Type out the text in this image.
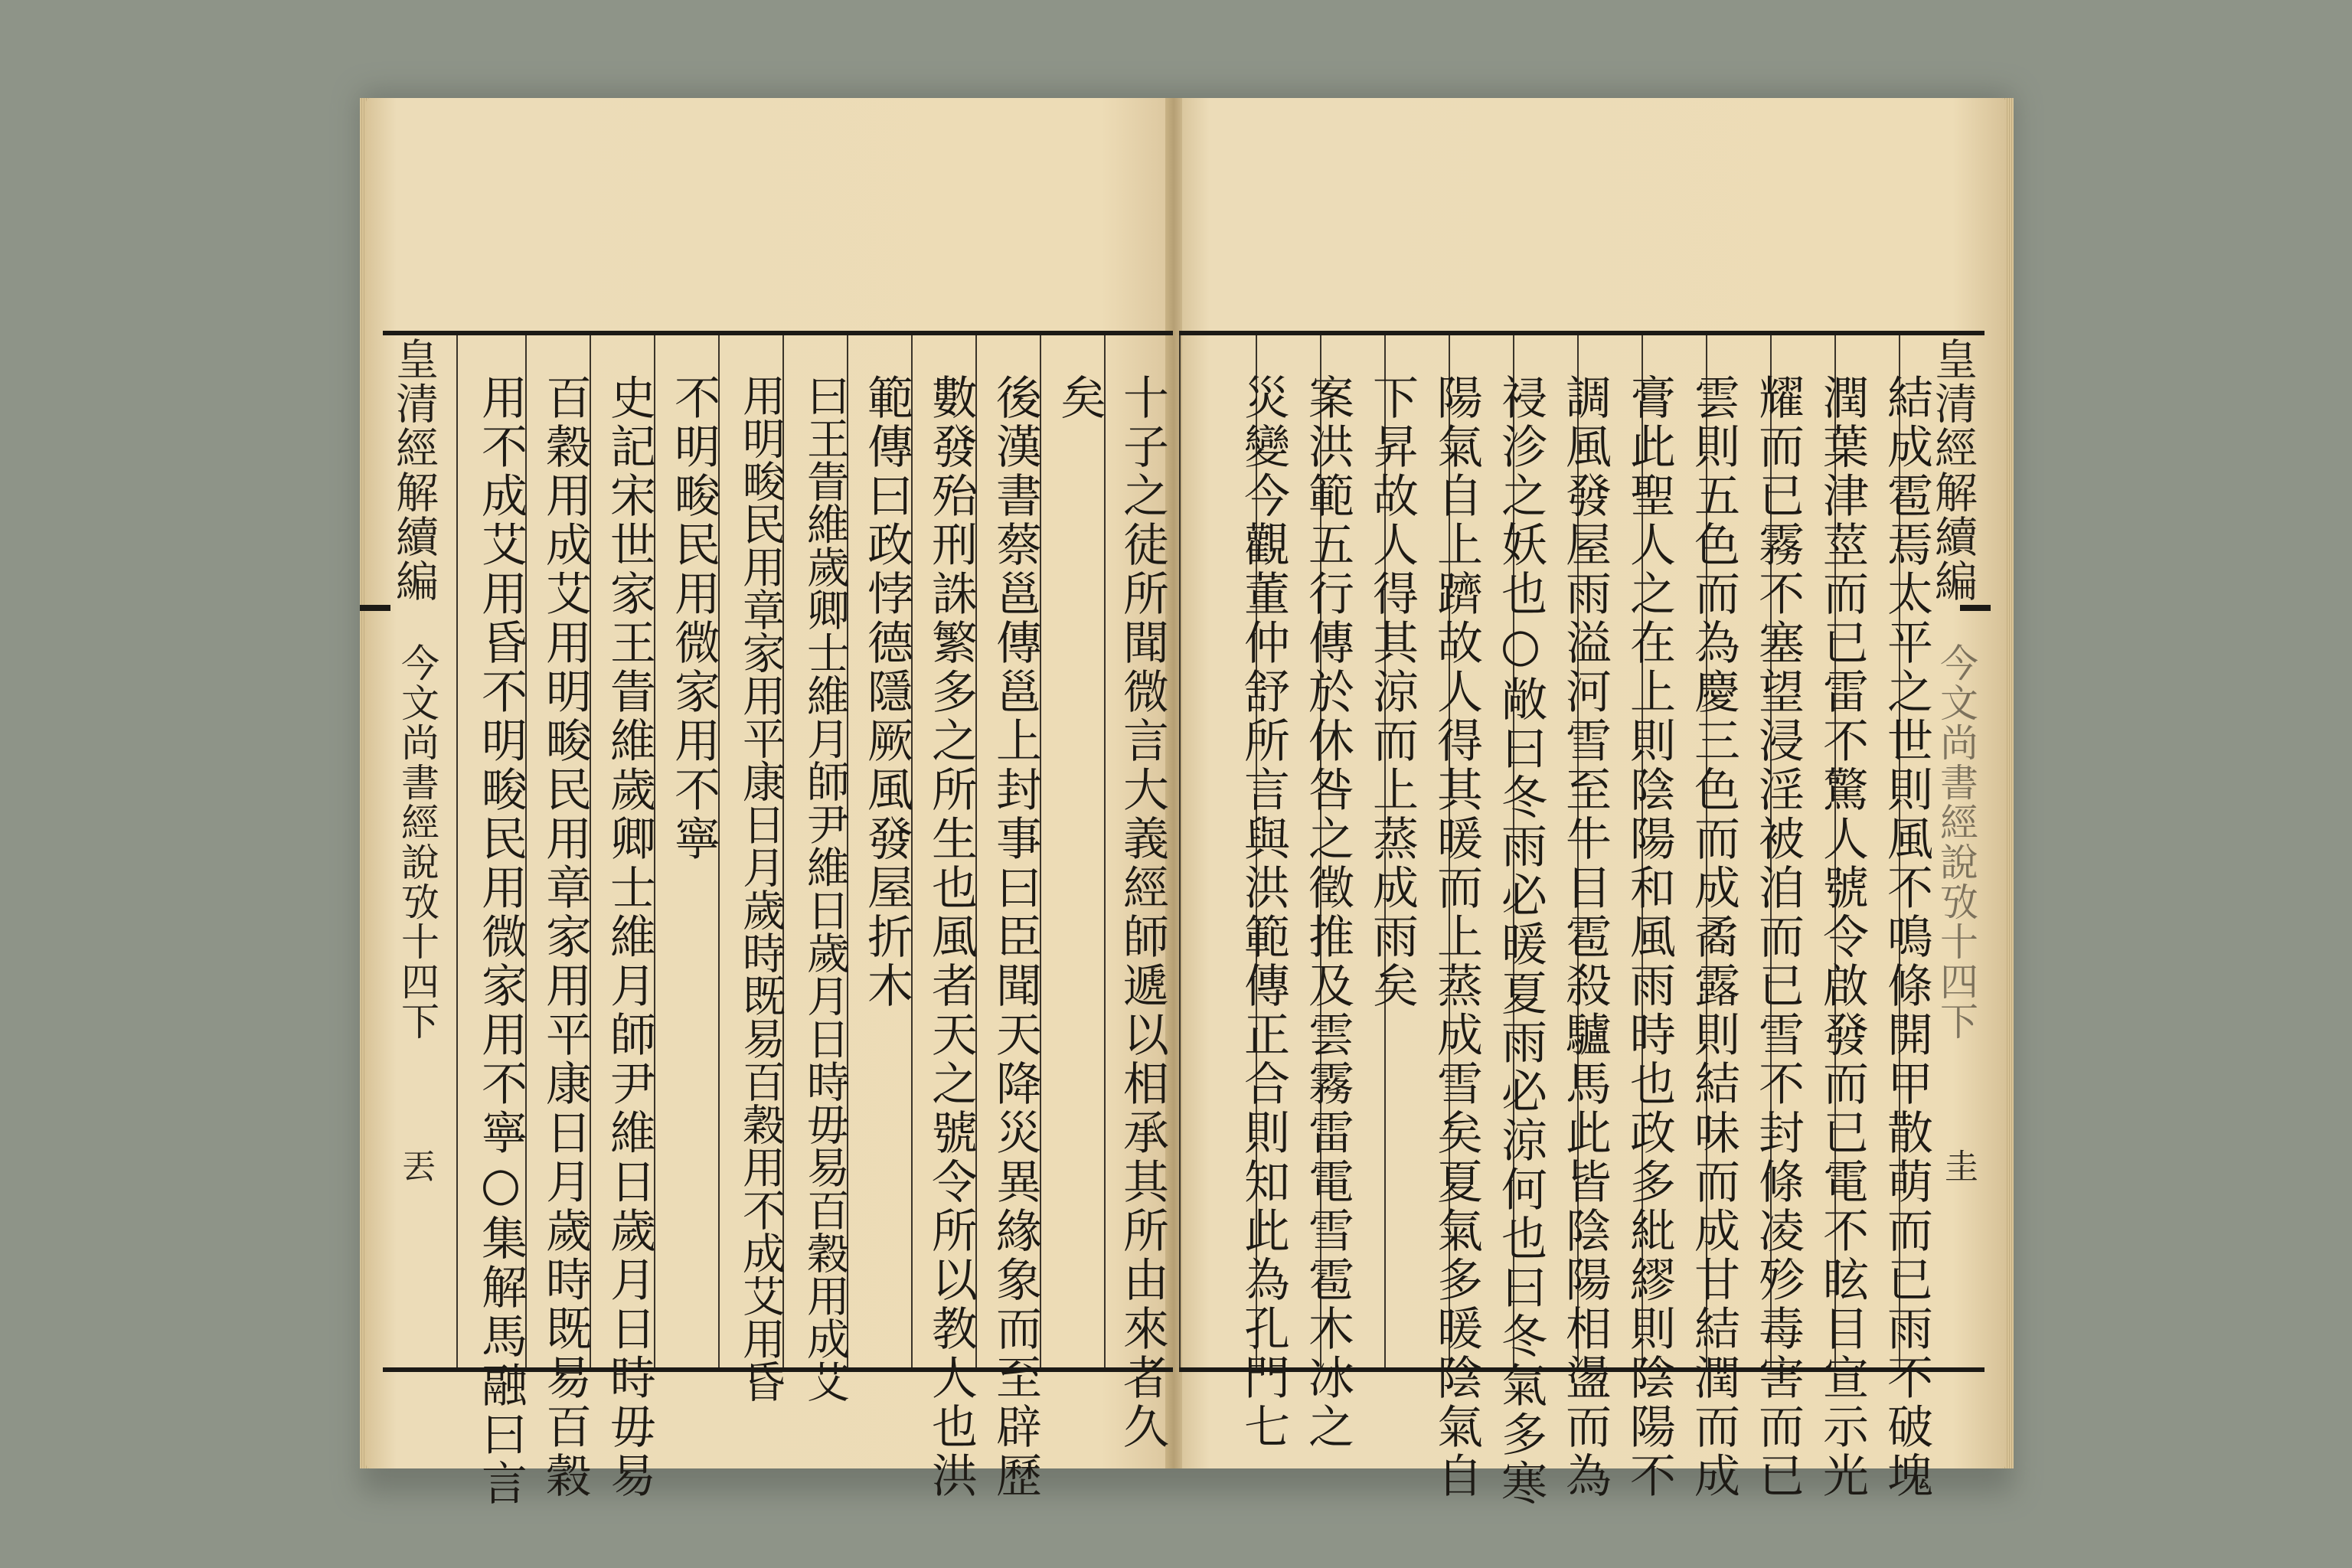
皇清經解續編
今文尚書經說攷十四下
丟	十子之徒所聞微言大義經師遞以相承其所由來者久
矣
後漢書蔡邕傳邕上封事曰臣聞天降災異緣象而至辟歷
數發殆刑誅繁多之所生也風者天之號令所以教人也洪
範傳曰政悖德隱厥風發屋折木
曰王眚維歲卿士維月師尹維日歲月日時毋易百穀用成艾
用明畯民用章家用平康日月歲時既易百穀用不成艾用昏
不明畯民用微家用不寧
史記宋世家王眚維歲卿士維月師尹維日歲月日時毋易
百穀用成艾用明畯民用章家用平康日月歲時既易百穀
用不成艾用昏不明畯民用微家用不寧○集解馬融曰言	皇清經解續編
今文尚書經說攷十四下
圭
結成雹焉太平之世則風不鳴條開甲散萌而已雨不破塊
潤葉津莖而已雷不驚人號令啟發而已電不眩目宣示光
耀而已霧不塞望浸淫被洎而已雪不封條凌殄毒害而已
雲則五色而為慶三色而成矞露則結味而成甘結潤而成
膏此聖人之在上則陰陽和風雨時也政多紕繆則陰陽不
調風發屋雨溢河雪至牛目雹殺驢馬此皆陰陽相盪而為
祲沴之妖也○敞曰冬雨必暖夏雨必涼何也曰冬氣多寒
陽氣自上躋故人得其暖而上蒸成雪矣夏氣多暖陰氣自
下昇故人得其涼而上蒸成雨矣
案洪範五行傳於休咎之徵推及雲霧雷電雪雹木冰之
災變今觀董仲舒所言與洪範傳正合則知此為孔門七
